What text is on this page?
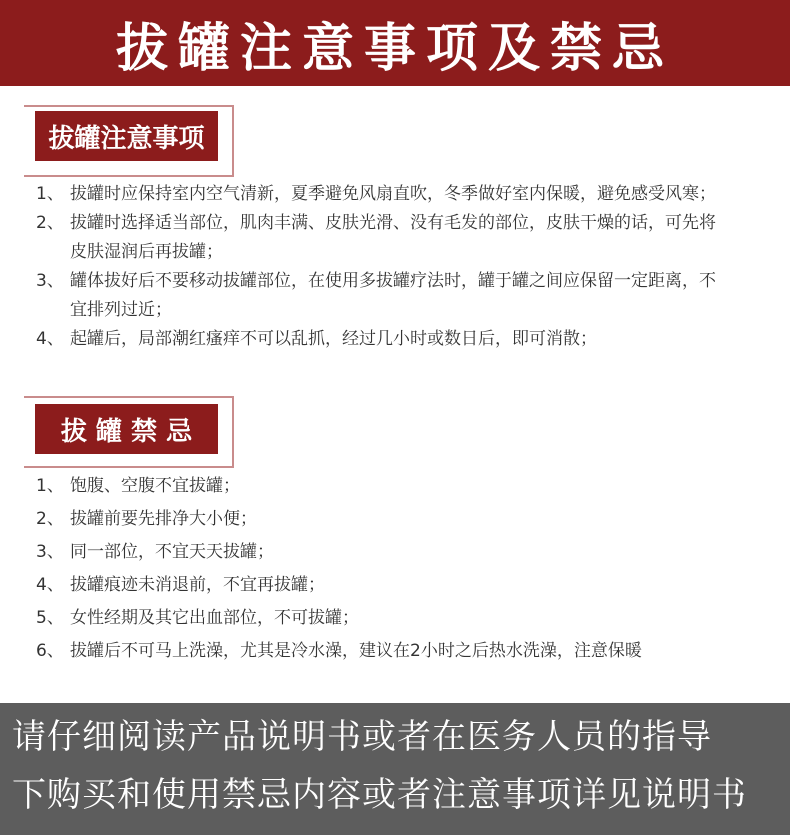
拔罐注意事项及禁忌
拔罐注意事项
1、 拔罐时应保持室内空气清新，夏季避免风扇直吹，冬季做好室内保暖，避免感受风寒；
2、 拔罐时选择适当部位，肌肉丰满、皮肤光滑、没有毛发的部位，皮肤干燥的话，可先将皮肤湿润后再拔罐；
3、 罐体拔好后不要移动拔罐部位，在使用多拔罐疗法时，罐于罐之间应保留一定距离，不宜排列过近；
4、 起罐后，局部潮红瘙痒不可以乱抓，经过几小时或数日后，即可消散；
拔 罐 禁 忌
1、 饱腹、空腹不宜拔罐；
2、 拔罐前要先排净大小便；
3、 同一部位，不宜天天拔罐；
4、 拔罐痕迹未消退前，不宜再拔罐；
5、 女性经期及其它出血部位，不可拔罐；
6、 拔罐后不可马上洗澡，尤其是冷水澡，建议在2小时之后热水洗澡，注意保暖
请仔细阅读产品说明书或者在医务人员的指导
下购买和使用禁忌内容或者注意事项详见说明书
